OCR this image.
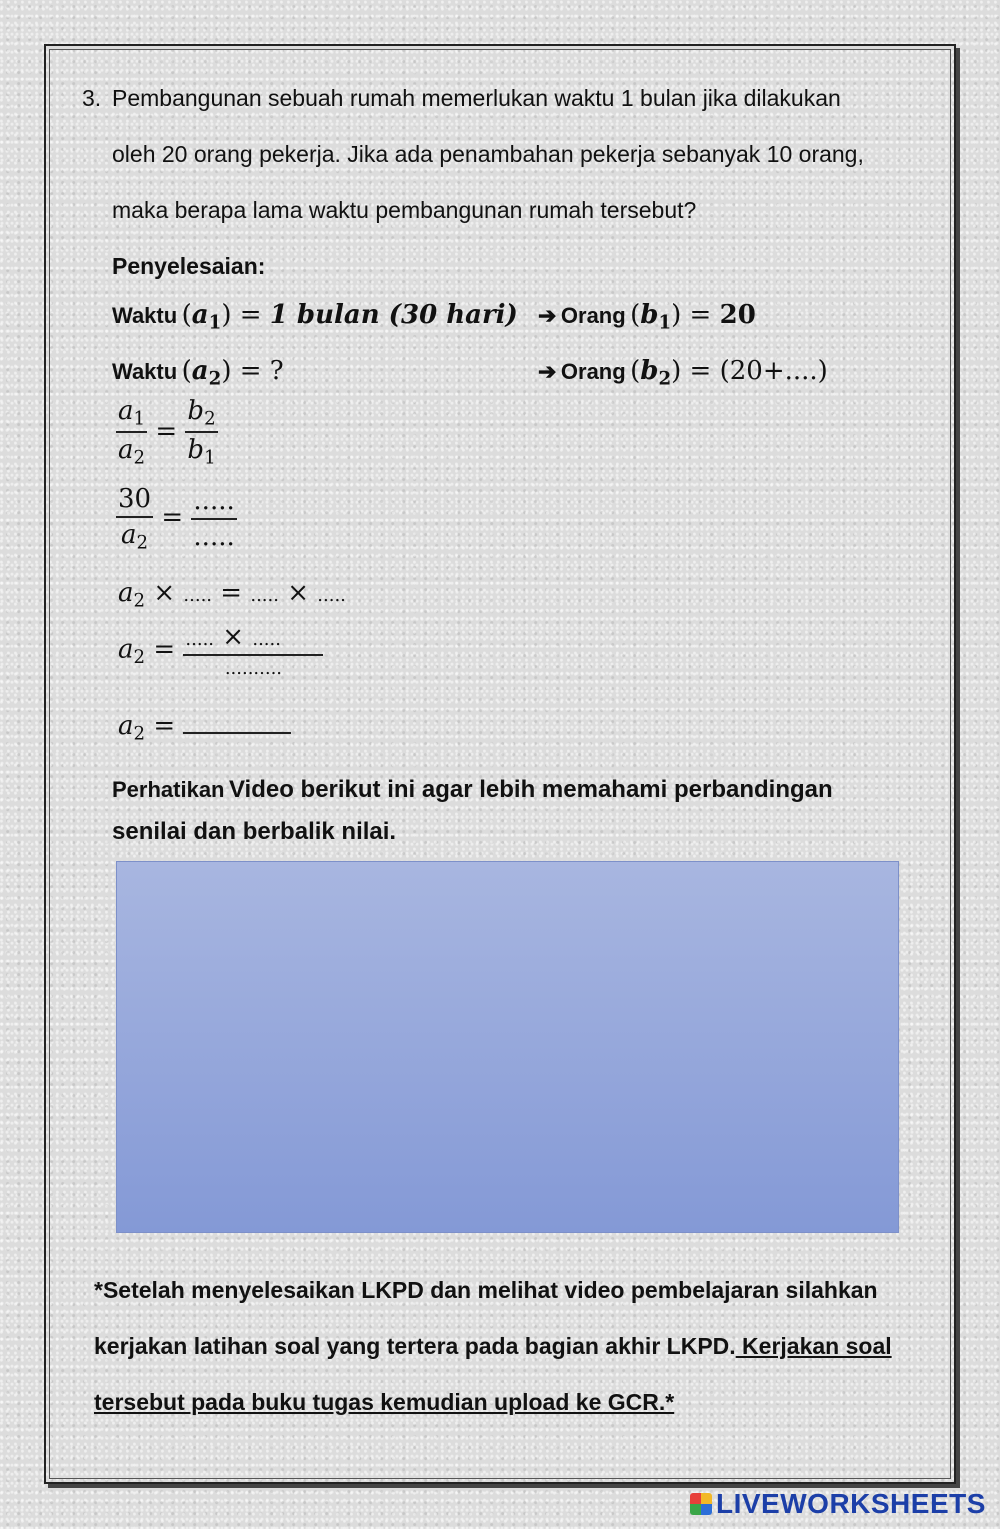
3. Pembangunan sebuah rumah memerlukan waktu 1 bulan jika dilakukan
oleh 20 orang pekerja. Jika ada penambahan pekerja sebanyak 10 orang,
maka berapa lama waktu pembangunan rumah tersebut?
Penyelesaian:
Waktu $(a_1) = 1$ bulan (30 hari) ➔ Orang $(b_1) = 20$
Waktu $(a_2)$ = ?	➔ Orang $(b_2) = (20+....)$
$\frac{a_1}{a_2} = \frac{b_2}{b_1}$
$\frac{30}{a_2} = \frac{.....}{.....}$
$a_2$ × ..... = ..... × .....
$a_2 = \frac{..... \times .....}{..........}$
$a_2$ =
Perhatikan Video berikut ini agar lebih memahami perbandingan
senilai dan berbalik nilai.
*Setelah menyelesaikan LKPD dan melihat video pembelajaran silahkan
kerjakan latihan soal yang tertera pada bagian akhir LKPD. Kerjakan soal
tersebut pada buku tugas kemudian upload ke GCR.*
LIVEWORKSHEETS
